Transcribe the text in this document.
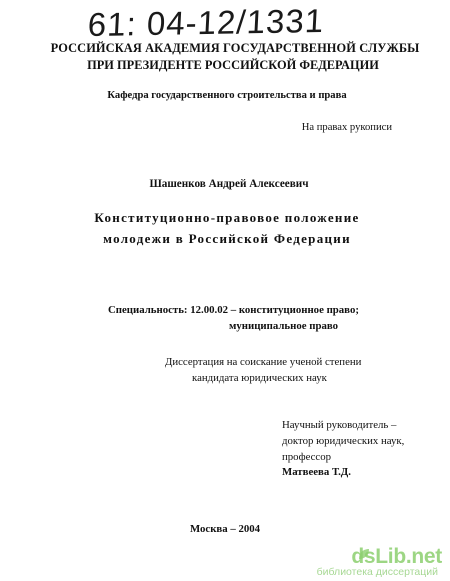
61: 04-12/1331
РОССИЙСКАЯ АКАДЕМИЯ ГОСУДАРСТВЕННОЙ СЛУЖБЫ
ПРИ ПРЕЗИДЕНТЕ РОССИЙСКОЙ ФЕДЕРАЦИИ
Кафедра государственного строительства и права
На правах рукописи
Шашенков Андрей Алексеевич
Конституционно-правовое положение
молодежи в Российской Федерации
Специальность: 12.00.02 – конституционное право;
муниципальное право
Диссертация на соискание ученой степени
кандидата юридических наук
Научный руководитель –
доктор юридических наук,
профессор
Матвеева Т.Д.
Москва – 2004
dsLib.net
библиотека диссертаций
